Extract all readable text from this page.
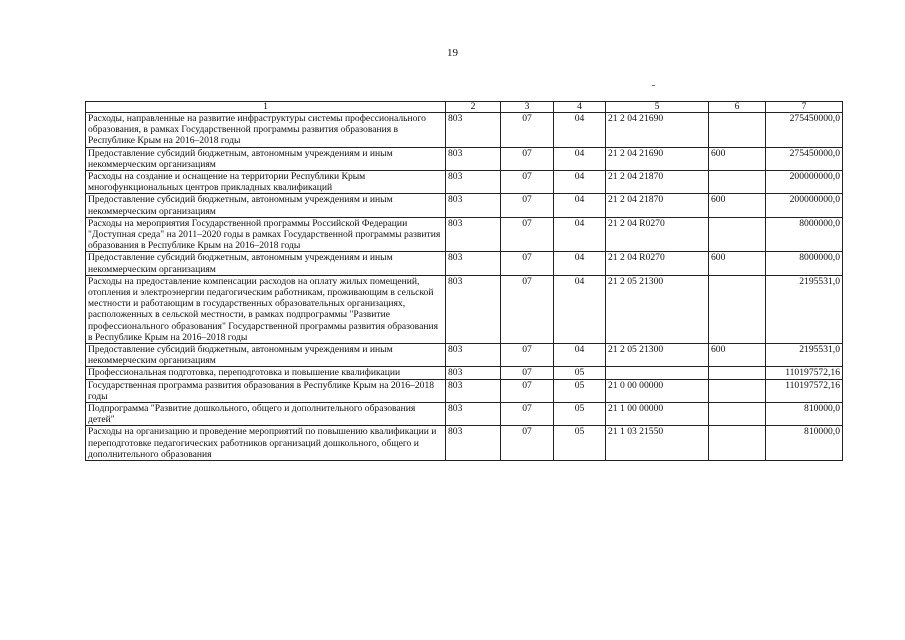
19
1	2	3	4	5	6	7
Расходы, направленные на развитие инфраструктуры системы профессионального образования, в рамках Государственной программы развития образования в Республике Крым на 2016–2018 годы	803	07	04	21 2 04 21690		275450000,0
Предоставление субсидий бюджетным, автономным учреждениям и иным некоммерческим организациям	803	07	04	21 2 04 21690	600	275450000,0
Расходы на создание и оснащение на территории Республики Крым многофункциональных центров прикладных квалификаций	803	07	04	21 2 04 21870		200000000,0
Предоставление субсидий бюджетным, автономным учреждениям и иным некоммерческим организациям	803	07	04	21 2 04 21870	600	200000000,0
Расходы на мероприятия Государственной программы Российской Федерации "Доступная среда" на 2011–2020 годы в рамках Государственной программы развития образования в Республике Крым на 2016–2018 годы	803	07	04	21 2 04 R0270		8000000,0
Предоставление субсидий бюджетным, автономным учреждениям и иным некоммерческим организациям	803	07	04	21 2 04 R0270	600	8000000,0
Расходы на предоставление компенсации расходов на оплату жилых помещений, отопления и электроэнергии педагогическим работникам, проживающим в сельской местности и работающим в государственных образовательных организациях, расположенных в сельской местности, в рамках подпрограммы "Развитие профессионального образования" Государственной программы развития образования в Республике Крым на 2016–2018 годы	803	07	04	21 2 05 21300		2195531,0
Предоставление субсидий бюджетным, автономным учреждениям и иным некоммерческим организациям	803	07	04	21 2 05 21300	600	2195531,0
Профессиональная подготовка, переподготовка и повышение квалификации	803	07	05			110197572,16
Государственная программа развития образования в Республике Крым на 2016–2018 годы	803	07	05	21 0 00 00000		110197572,16
Подпрограмма "Развитие дошкольного, общего и дополнительного образования детей"	803	07	05	21 1 00 00000		810000,0
Расходы на организацию и проведение мероприятий по повышению квалификации и переподготовке педагогических работников организаций дошкольного, общего и дополнительного образования	803	07	05	21 1 03 21550		810000,0
